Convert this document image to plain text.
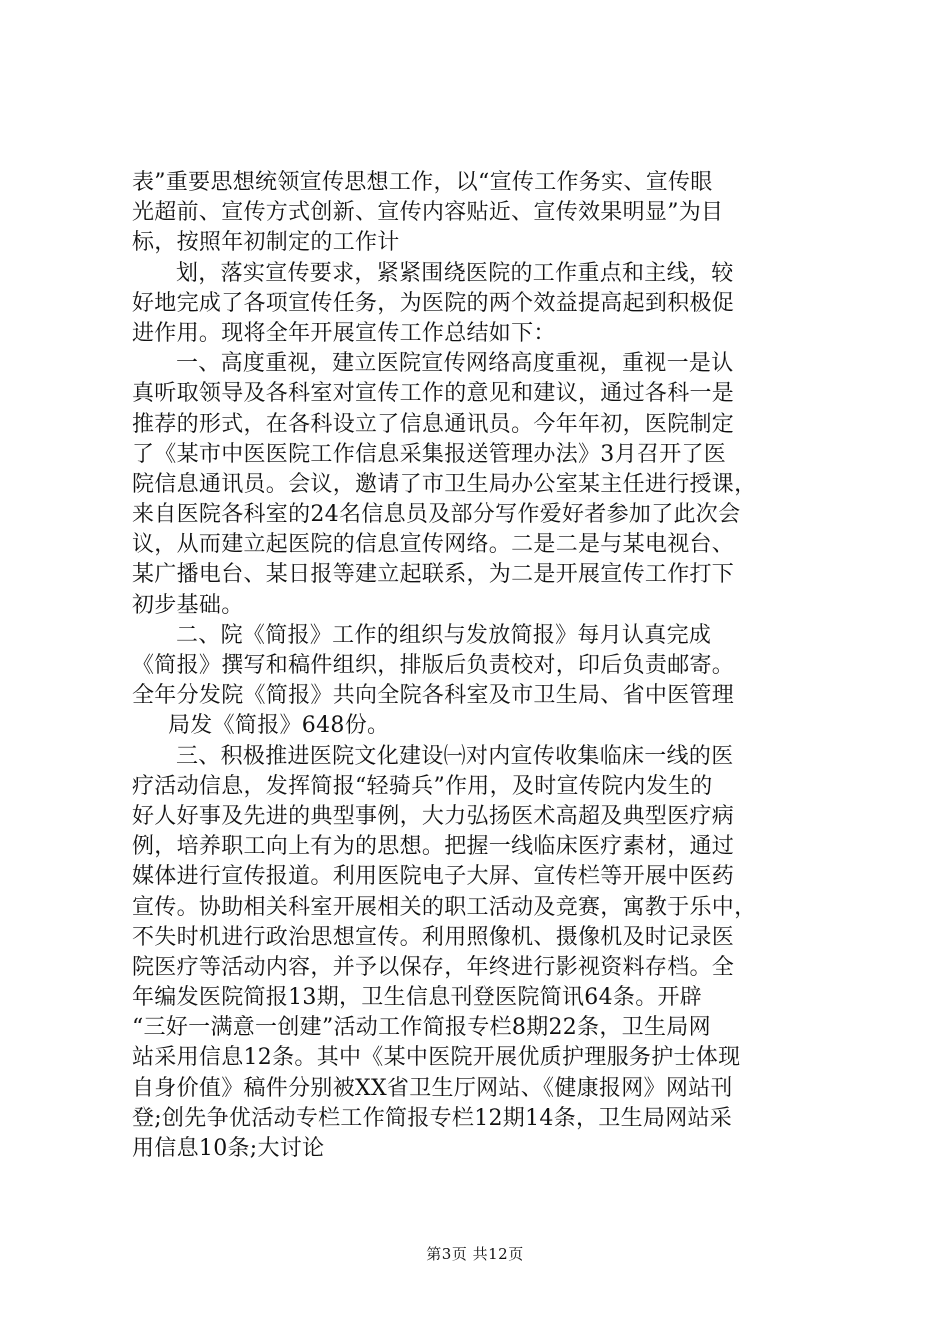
表”重要思想统领宣传思想工作，以“宣传工作务实、宣传眼
光超前、宣传方式创新、宣传内容贴近、宣传效果明显”为目
标，按照年初制定的工作计
划，落实宣传要求，紧紧围绕医院的工作重点和主线，较
好地完成了各项宣传任务，为医院的两个效益提高起到积极促
进作用。现将全年开展宣传工作总结如下：
一、高度重视，建立医院宣传网络高度重视，重视一是认
真听取领导及各科室对宣传工作的意见和建议，通过各科一是
推荐的形式，在各科设立了信息通讯员。今年年初，医院制定
了《某市中医医院工作信息采集报送管理办法》3月召开了医
院信息通讯员。会议，邀请了市卫生局办公室某主任进行授课，
来自医院各科室的24名信息员及部分写作爱好者参加了此次会
议，从而建立起医院的信息宣传网络。二是二是与某电视台、
某广播电台、某日报等建立起联系，为二是开展宣传工作打下
初步基础。
二、院《简报》工作的组织与发放简报》每月认真完成
《简报》撰写和稿件组织，排版后负责校对，印后负责邮寄。
全年分发院《简报》共向全院各科室及市卫生局、省中医管理
局发《简报》648份。
三、积极推进医院文化建设㈠对内宣传收集临床一线的医
疗活动信息，发挥简报“轻骑兵”作用，及时宣传院内发生的
好人好事及先进的典型事例，大力弘扬医术高超及典型医疗病
例，培养职工向上有为的思想。把握一线临床医疗素材，通过
媒体进行宣传报道。利用医院电子大屏、宣传栏等开展中医药
宣传。协助相关科室开展相关的职工活动及竞赛，寓教于乐中，
不失时机进行政治思想宣传。利用照像机、摄像机及时记录医
院医疗等活动内容，并予以保存，年终进行影视资料存档。全
年编发医院简报13期，卫生信息刊登医院简讯64条。开辟
“三好一满意一创建”活动工作简报专栏8期22条，卫生局网
站采用信息12条。其中《某中医院开展优质护理服务护士体现
自身价值》稿件分别被XX省卫生厅网站、《健康报网》网站刊
登;创先争优活动专栏工作简报专栏12期14条，卫生局网站采
用信息10条;大讨论
第3页 共12页
